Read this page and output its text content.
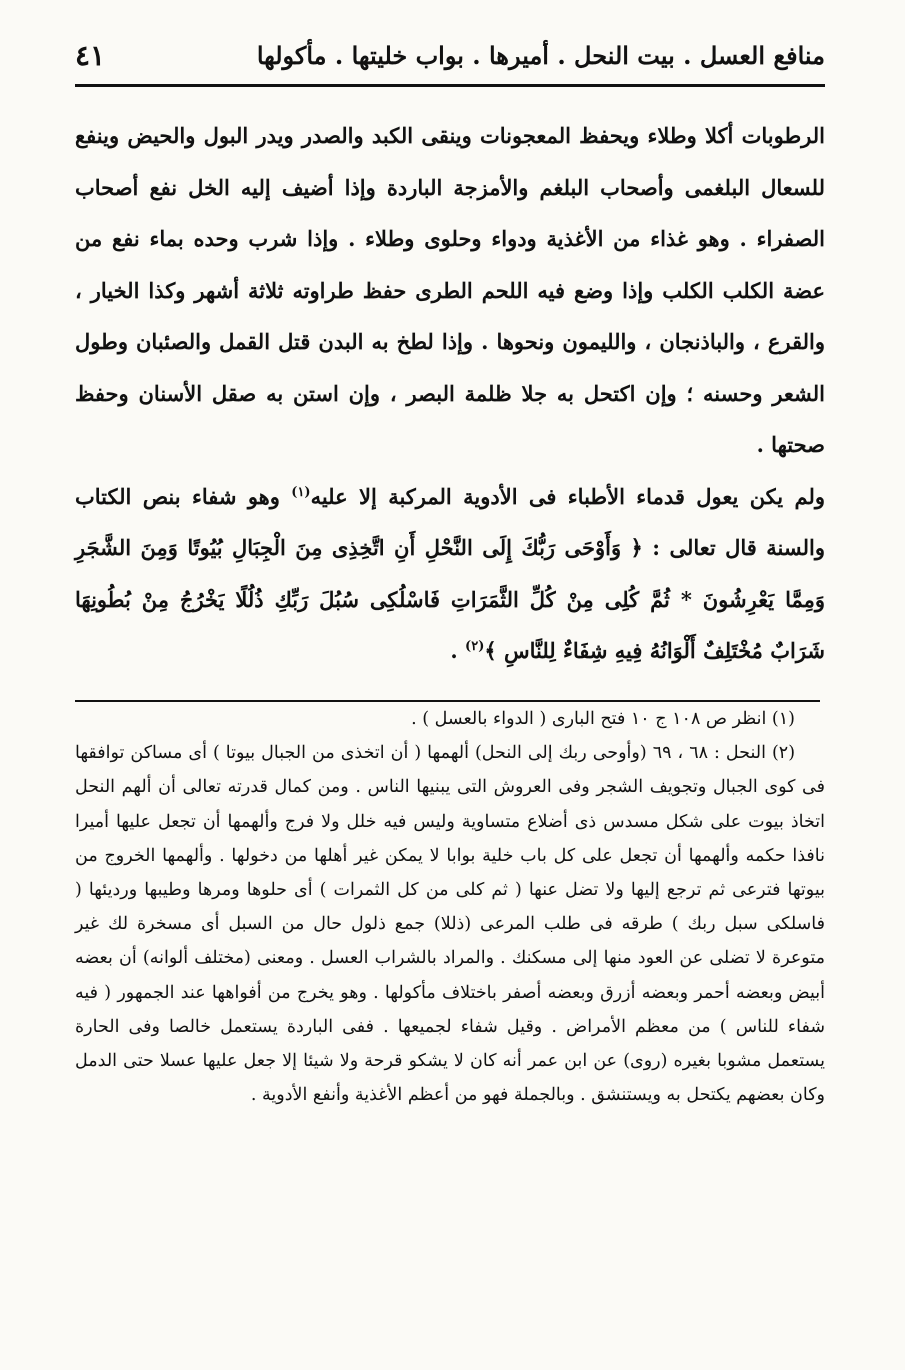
منافع العسل . بيت النحل . أميرها . بواب خليتها . مأكولها
٤١

الرطوبات أكلا وطلاء ويحفظ المعجونات وينقى الكبد والصدر ويدر البول والحيض وينفع للسعال البلغمى وأصحاب البلغم والأمزجة الباردة وإذا أضيف إليه الخل نفع أصحاب الصفراء . وهو غذاء من الأغذية ودواء وحلوى وطلاء . وإذا شرب وحده بماء نفع من عضة الكلب الكلب وإذا وضع فيه اللحم الطرى حفظ طراوته ثلاثة أشهر وكذا الخيار ، والقرع ، والباذنجان ، والليمون ونحوها . وإذا لطخ به البدن قتل القمل والصئبان وطول الشعر وحسنه ؛ وإن اكتحل به جلا ظلمة البصر ، وإن استن به صقل الأسنان وحفظ صحتها .

ولم يكن يعول قدماء الأطباء فى الأدوية المركبة إلا عليه$^{(١)}$ وهو شفاء بنص الكتاب والسنة قال تعالى : ﴿ وَأَوْحَى رَبُّكَ إِلَى النَّحْلِ أَنِ اتَّخِذِى مِنَ الْجِبَالِ بُيُوتًا وَمِنَ الشَّجَرِ وَمِمَّا يَعْرِشُونَ * ثُمَّ كُلِى مِنْ كُلِّ الثَّمَرَاتِ فَاسْلُكِى سُبُلَ رَبِّكِ ذُلُلًا يَخْرُجُ مِنْ بُطُونِهَا شَرَابٌ مُخْتَلِفٌ أَلْوَانُهُ فِيهِ شِفَاءٌ لِلنَّاسِ ﴾$^{(٢)}$ .

(١) انظر ص ١٠٨ ج ١٠ فتح البارى ( الدواء بالعسل ) .

(٢) النحل : ٦٨ ، ٦٩ (وأوحى ربك إلى النحل) ألهمها ( أن اتخذى من الجبال بيوتا ) أى مساكن توافقها فى كوى الجبال وتجويف الشجر وفى العروش التى يبنيها الناس . ومن كمال قدرته تعالى أن ألهم النحل اتخاذ بيوت على شكل مسدس ذى أضلاع متساوية وليس فيه خلل ولا فرج وألهمها أن تجعل عليها أميرا نافذا حكمه وألهمها أن تجعل على كل باب خلية بوابا لا يمكن غير أهلها من دخولها . وألهمها الخروج من بيوتها فترعى ثم ترجع إليها ولا تضل عنها ( ثم كلى من كل الثمرات ) أى حلوها ومرها وطيبها ورديئها ( فاسلكى سبل ربك ) طرقه فى طلب المرعى (ذللا) جمع ذلول حال من السبل أى مسخرة لك غير متوعرة لا تضلى عن العود منها إلى مسكنك . والمراد بالشراب العسل . ومعنى (مختلف ألوانه) أن بعضه أبيض وبعضه أحمر وبعضه أزرق وبعضه أصفر باختلاف مأكولها . وهو يخرج من أفواهها عند الجمهور ( فيه شفاء للناس ) من معظم الأمراض . وقيل شفاء لجميعها . ففى الباردة يستعمل خالصا وفى الحارة يستعمل مشوبا بغيره (روى) عن ابن عمر أنه كان لا يشكو قرحة ولا شيئا إلا جعل عليها عسلا حتى الدمل وكان بعضهم يكتحل به ويستنشق . وبالجملة فهو من أعظم الأغذية وأنفع الأدوية .
